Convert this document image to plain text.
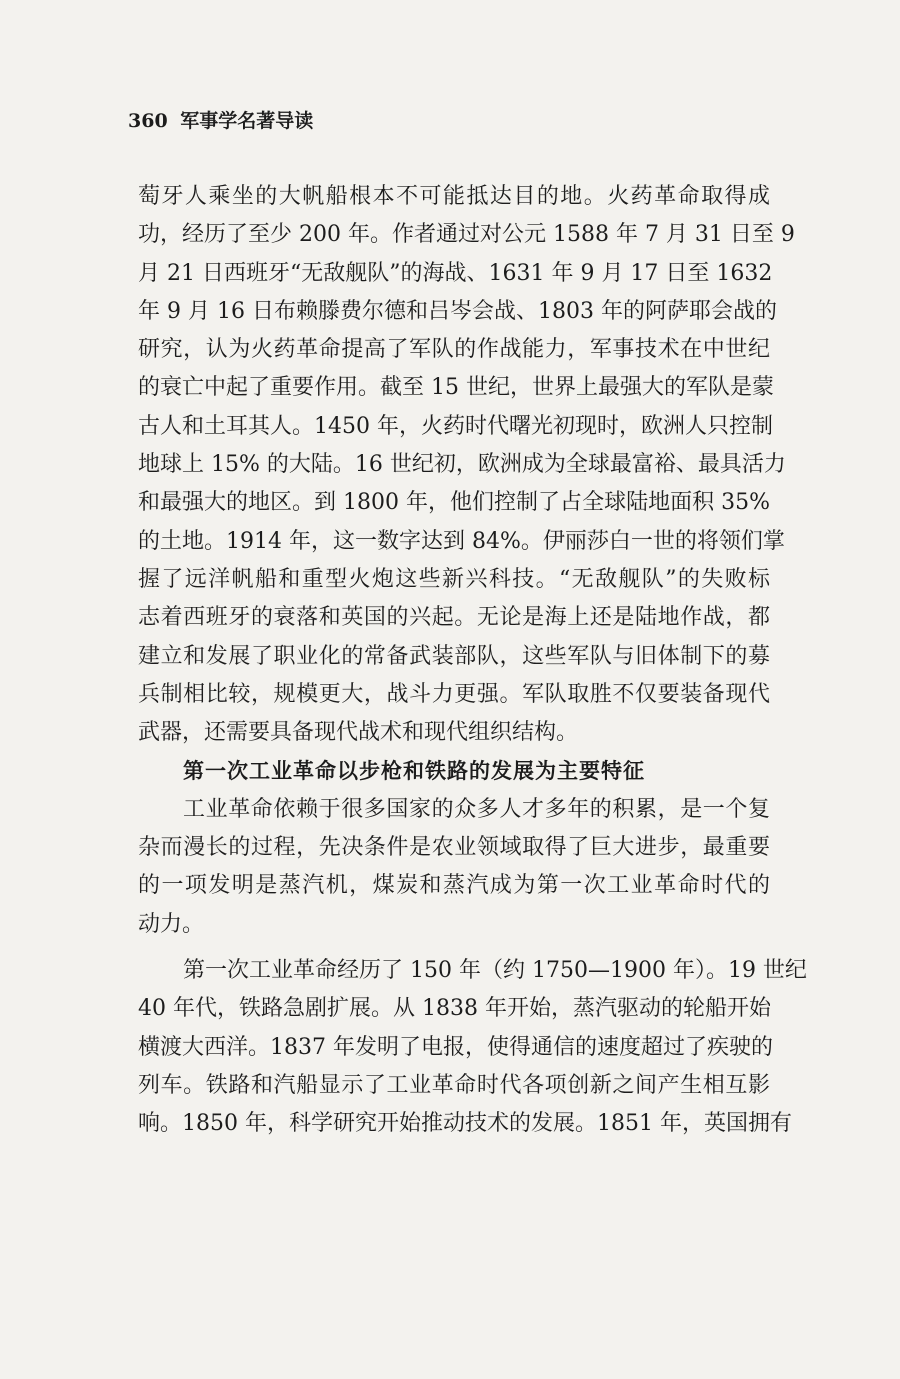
360 军事学名著导读
萄牙人乘坐的大帆船根本不可能抵达目的地。火药革命取得成
功，经历了至少 200 年。作者通过对公元 1588 年 7 月 31 日至 9
月 21 日西班牙“无敌舰队”的海战、1631 年 9 月 17 日至 1632
年 9 月 16 日布赖滕费尔德和吕岑会战、1803 年的阿萨耶会战的
研究，认为火药革命提高了军队的作战能力，军事技术在中世纪
的衰亡中起了重要作用。截至 15 世纪，世界上最强大的军队是蒙
古人和土耳其人。1450 年，火药时代曙光初现时，欧洲人只控制
地球上 15% 的大陆。16 世纪初，欧洲成为全球最富裕、最具活力
和最强大的地区。到 1800 年，他们控制了占全球陆地面积 35%
的土地。1914 年，这一数字达到 84%。伊丽莎白一世的将领们掌
握了远洋帆船和重型火炮这些新兴科技。“无敌舰队”的失败标
志着西班牙的衰落和英国的兴起。无论是海上还是陆地作战，都
建立和发展了职业化的常备武装部队，这些军队与旧体制下的募
兵制相比较，规模更大，战斗力更强。军队取胜不仅要装备现代
武器，还需要具备现代战术和现代组织结构。
第一次工业革命以步枪和铁路的发展为主要特征
工业革命依赖于很多国家的众多人才多年的积累，是一个复
杂而漫长的过程，先决条件是农业领域取得了巨大进步，最重要
的一项发明是蒸汽机，煤炭和蒸汽成为第一次工业革命时代的
动力。
第一次工业革命经历了 150 年（约 1750—1900 年）。19 世纪
40 年代，铁路急剧扩展。从 1838 年开始，蒸汽驱动的轮船开始
横渡大西洋。1837 年发明了电报，使得通信的速度超过了疾驶的
列车。铁路和汽船显示了工业革命时代各项创新之间产生相互影
响。1850 年，科学研究开始推动技术的发展。1851 年，英国拥有
